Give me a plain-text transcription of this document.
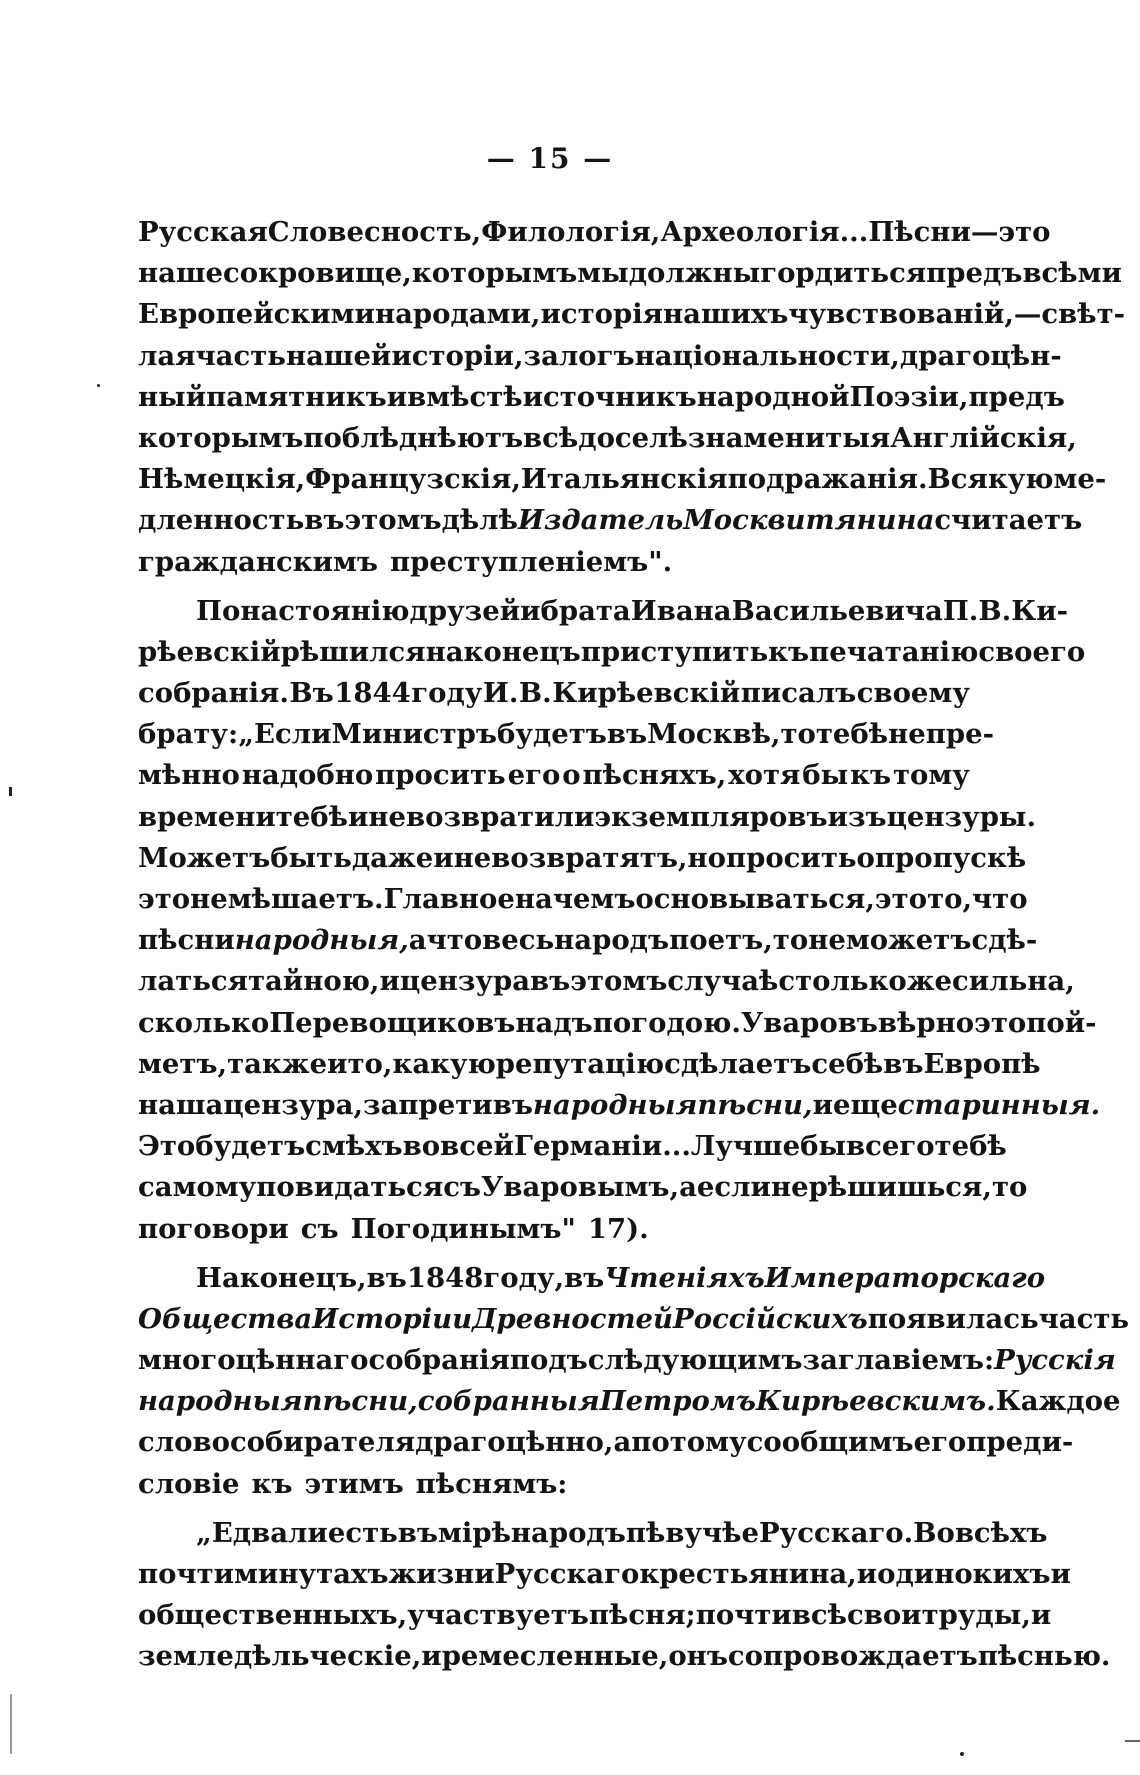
— 15 —
Русская Словесность, Филологія, Археологія... Пѣсни — это
наше сокровище, которымъ мы должны гордиться предъ всѣми
Европейскими народами, исторія нашихъ чувствованій,—свѣт-
лая часть нашей исторіи, залогъ національности, драгоцѣн-
ный памятникъ и вмѣстѣ источникъ народной Поэзіи, предъ
которымъ поблѣднѣютъ всѣ доселѣ знаменитыя Англійскія,
Нѣмецкія, Французскія, Итальянскія подражанія. Всякую ме-
дленность въ этомъ дѣлѣ Издатель Москвитянина считаетъ
гражданскимъ преступленіемъ".
По настоянію друзей и брата Ивана Васильевича П. В. Ки-
рѣевскій рѣшился наконецъ приступить къ печатанію своего
собранія. Въ 1844 году И. В. Кирѣевскій писалъ своему
брату: „Если Министръ будетъ въ Москвѣ, то тебѣ непре-
мѣнно надобно просить его о пѣсняхъ, хотя бы къ тому
времени тебѣ и не возвратили экземпляровъ изъ цензуры.
Можетъ быть даже и не возвратятъ, но просить о пропускѣ
это не мѣшаетъ. Главное на чемъ основываться, это то, что
пѣсни народныя, а что весь народъ поетъ, то не можетъ сдѣ-
латься тайною, и цензура въ этомъ случаѣ столько же сильна,
сколько Перевощиковъ надъ погодою. Уваровъ вѣрно это пой-
метъ, также и то, какую репутацію сдѣлаетъ себѣ въ Европѣ
наша цензура, запретивъ народныя пѣсни, и еще старинныя.
Это будетъ смѣхъ во всей Германіи... Лучше бы всего тебѣ
самому повидаться съ Уваровымъ, а если не рѣшишься, то
поговори съ Погодинымъ" 17).
Наконецъ, въ 1848 году, въ Чтеніяхъ Императорскаго
Общества Исторіи и Древностей Россійскихъ появилась часть
многоцѣннаго собранія подъ слѣдующимъ заглавіемъ: Русскія
народныя пѣсни, собранныя Петромъ Кирѣевскимъ. Каждое
слово собирателя драгоцѣнно, а потому сообщимъ его преди-
словіе къ этимъ пѣснямъ:
„Едва ли есть въ мірѣ народъ пѣвучѣе Русскаго. Во всѣхъ
почти минутахъ жизни Русскаго крестьянина, и одинокихъ и
общественныхъ, участвуетъ пѣсня; почти всѣ свои труды, и
земледѣльческіе, и ремесленные, онъ сопровождаетъ пѣснью.
